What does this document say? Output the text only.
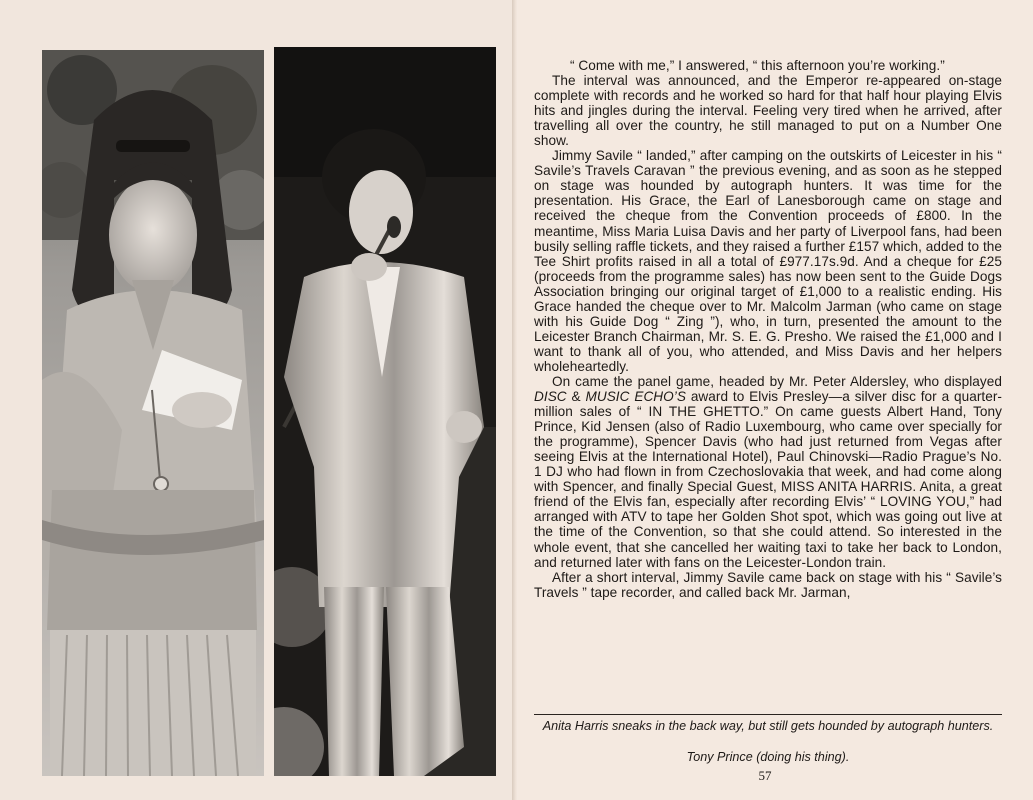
“ Come with me,” I answered, “ this afternoon you’re working.”

The interval was announced, and the Emperor re-appeared on-stage complete with records and he worked so hard for that half hour playing Elvis hits and jingles during the interval. Feeling very tired when he arrived, after travelling all over the country, he still managed to put on a Number One show.

Jimmy Savile “ landed,” after camping on the outskirts of Leicester in his “ Savile’s Travels Caravan ” the previous evening, and as soon as he stepped on stage was hounded by autograph hunters. It was time for the presentation. His Grace, the Earl of Lanesborough came on stage and received the cheque from the Convention proceeds of £800. In the meantime, Miss Maria Luisa Davis and her party of Liverpool fans, had been busily selling raffle tickets, and they raised a further £157 which, added to the Tee Shirt profits raised in all a total of £977.17s.9d. And a cheque for £25 (proceeds from the programme sales) has now been sent to the Guide Dogs Association bringing our original target of £1,000 to a realistic ending. His Grace handed the cheque over to Mr. Malcolm Jarman (who came on stage with his Guide Dog “ Zing ”), who, in turn, presented the amount to the Leicester Branch Chairman, Mr. S. E. G. Presho. We raised the £1,000 and I want to thank all of you, who attended, and Miss Davis and her helpers wholeheartedly.

On came the panel game, headed by Mr. Peter Aldersley, who displayed DISC & MUSIC ECHO’S award to Elvis Presley—a silver disc for a quarter-million sales of “ IN THE GHETTO.” On came guests Albert Hand, Tony Prince, Kid Jensen (also of Radio Luxembourg, who came over specially for the programme), Spencer Davis (who had just returned from Vegas after seeing Elvis at the International Hotel), Paul Chinovski—Radio Prague’s No. 1 DJ who had flown in from Czechoslovakia that week, and had come along with Spencer, and finally Special Guest, MISS ANITA HARRIS. Anita, a great friend of the Elvis fan, especially after recording Elvis’ “ LOVING YOU,” had arranged with ATV to tape her Golden Shot spot, which was going out live at the time of the Convention, so that she could attend. So interested in the whole event, that she cancelled her waiting taxi to take her back to London, and returned later with fans on the Leicester-London train.

After a short interval, Jimmy Savile came back on stage with his “ Savile’s Travels ” tape recorder, and called back Mr. Jarman,

Anita Harris sneaks in the back way, but still gets hounded by autograph hunters.
Tony Prince (doing his thing).
57
